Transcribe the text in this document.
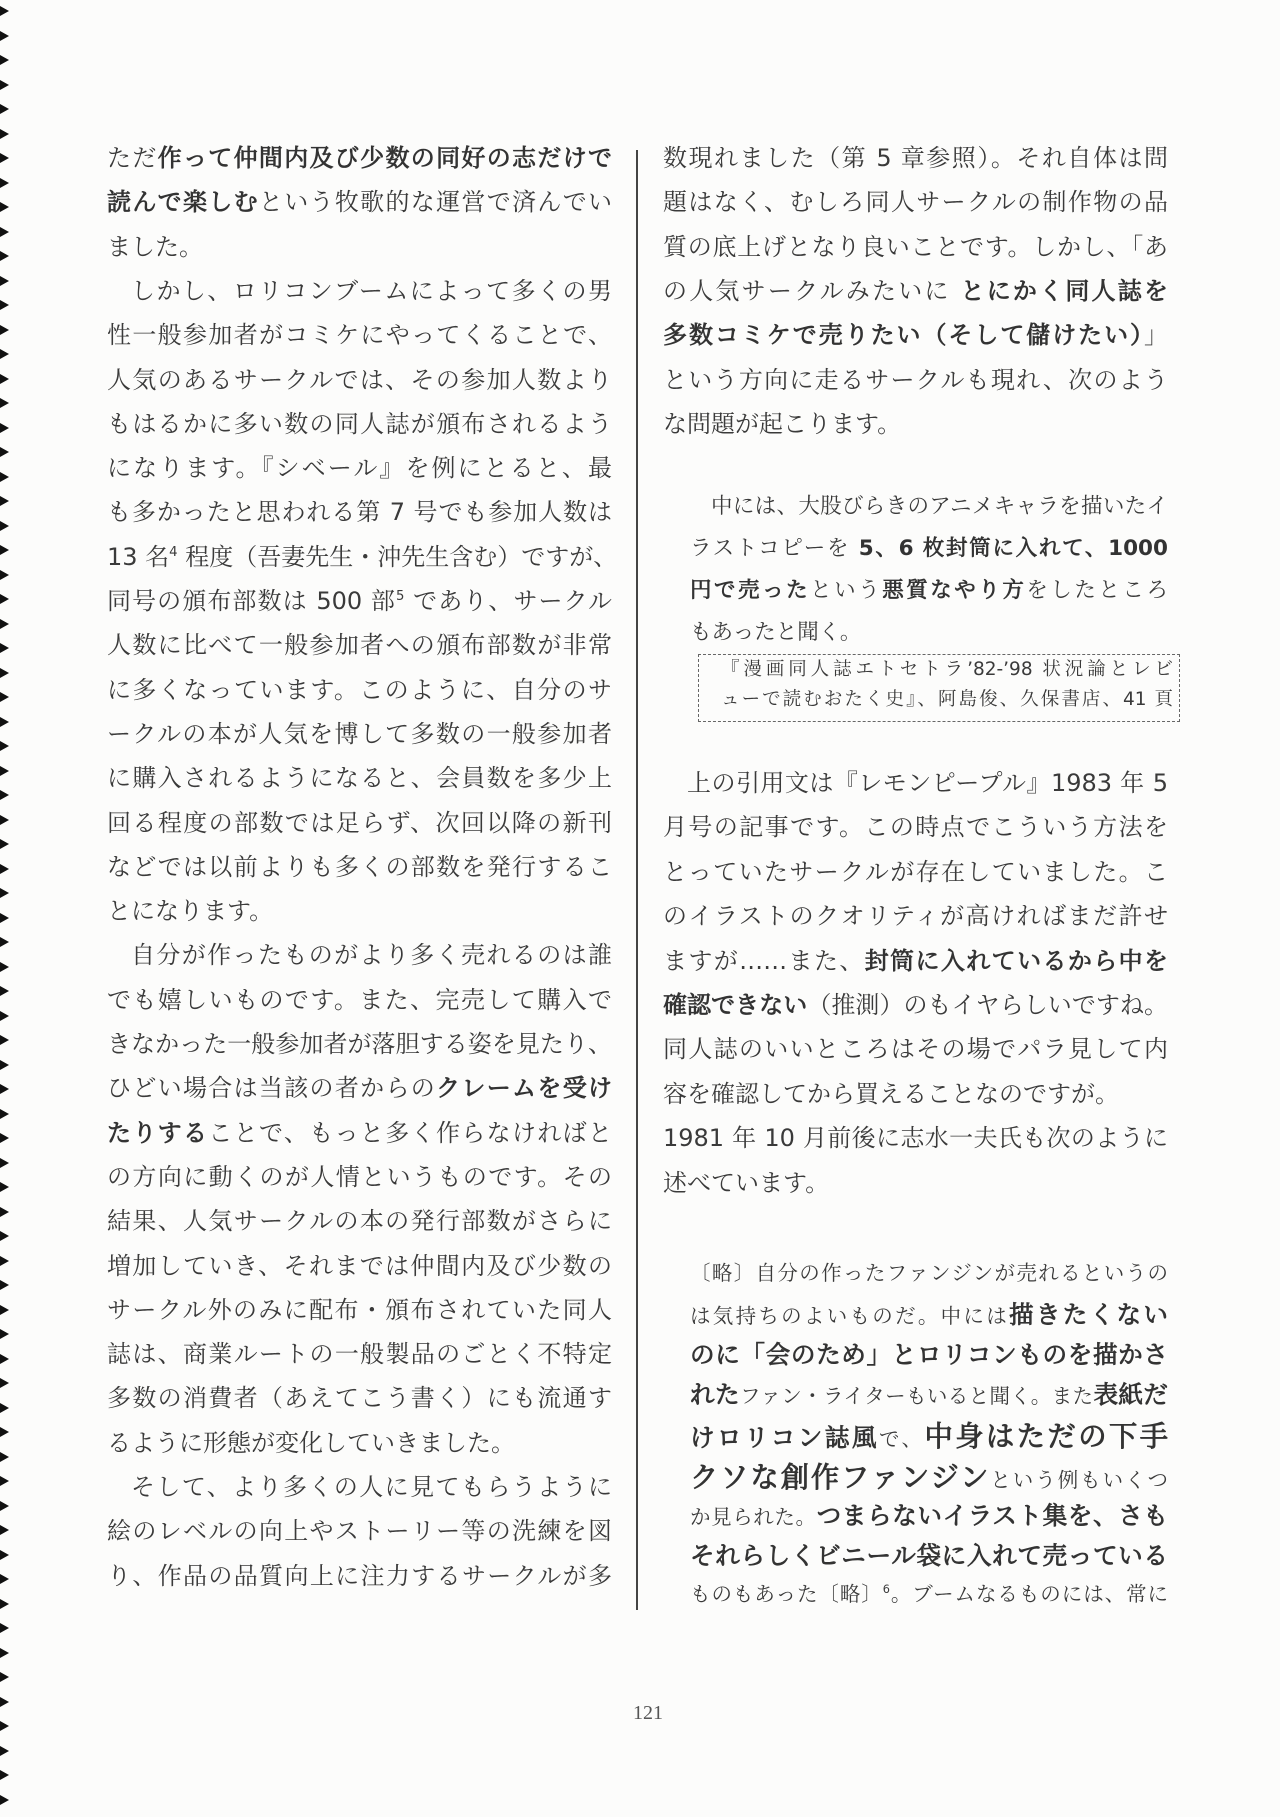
ただ作って仲間内及び少数の同好の志だけで
読んで楽しむという牧歌的な運営で済んでい
ました。
しかし、ロリコンブームによって多くの男
性一般参加者がコミケにやってくることで、
人気のあるサークルでは、その参加人数より
もはるかに多い数の同人誌が頒布されるよう
になります。『シベール』を例にとると、最
も多かったと思われる第 7 号でも参加人数は
13 名$^4$ 程度（吾妻先生・沖先生含む）ですが、
同号の頒布部数は 500 部$^5$ であり、サークル
人数に比べて一般参加者への頒布部数が非常
に多くなっています。このように、自分のサ
ークルの本が人気を博して多数の一般参加者
に購入されるようになると、会員数を多少上
回る程度の部数では足らず、次回以降の新刊
などでは以前よりも多くの部数を発行するこ
とになります。
自分が作ったものがより多く売れるのは誰
でも嬉しいものです。また、完売して購入で
きなかった一般参加者が落胆する姿を見たり、
ひどい場合は当該の者からのクレームを受け
たりすることで、もっと多く作らなければと
の方向に動くのが人情というものです。その
結果、人気サークルの本の発行部数がさらに
増加していき、それまでは仲間内及び少数の
サークル外のみに配布・頒布されていた同人
誌は、商業ルートの一般製品のごとく不特定
多数の消費者（あえてこう書く）にも流通す
るように形態が変化していきました。
そして、より多くの人に見てもらうように
絵のレベルの向上やストーリー等の洗練を図
り、作品の品質向上に注力するサークルが多
数現れました（第 5 章参照）。それ自体は問
題はなく、むしろ同人サークルの制作物の品
質の底上げとなり良いことです。しかし、「あ
の人気サークルみたいに とにかく同人誌を
多数コミケで売りたい（そして儲けたい）」
という方向に走るサークルも現れ、次のよう
な問題が起こります。
中には、大股びらきのアニメキャラを描いたイ
ラストコピーを 5、6 枚封筒に入れて、1000
円で売ったという悪質なやり方をしたところ
もあったと聞く。
『漫画同人誌エトセトラ’82-’98 状況論とレビ
ューで読むおたく史』、阿島俊、久保書店、41 頁
上の引用文は『レモンピープル』1983 年 5
月号の記事です。この時点でこういう方法を
とっていたサークルが存在していました。こ
のイラストのクオリティが高ければまだ許せ
ますが……また、封筒に入れているから中を
確認できない（推測）のもイヤらしいですね。
同人誌のいいところはその場でパラ見して内
容を確認してから買えることなのですが。
1981 年 10 月前後に志水一夫氏も次のように
述べています。
〔略〕自分の作ったファンジンが売れるというの
は気持ちのよいものだ。中には描きたくない
のに「会のため」とロリコンものを描かさ
れたファン・ライターもいると聞く。また表紙だ
けロリコン誌風で、中身はただの下手
クソな創作ファンジンという例もいくつ
か見られた。つまらないイラスト集を、さも
それらしくビニール袋に入れて売っている
ものもあった〔略〕$^6$。ブームなるものには、常に
121
